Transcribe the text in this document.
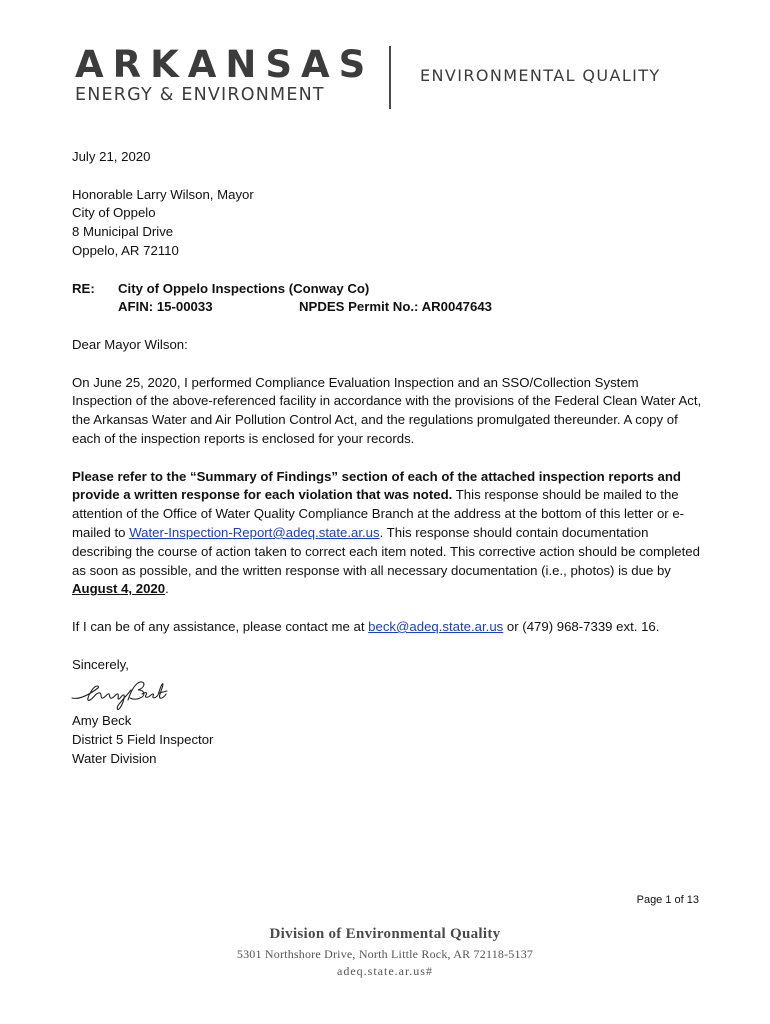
ARKANSAS
ENERGY & ENVIRONMENT
ENVIRONMENTAL QUALITY

July 21, 2020

Honorable Larry Wilson, Mayor

City of Oppelo

8 Municipal Drive

Oppelo, AR 72110

RE:	City of Oppelo Inspections (Conway Co)

AFIN: 15-00033	NPDES Permit No.: AR0047643

Dear Mayor Wilson:

On June 25, 2020, I performed Compliance Evaluation Inspection and an SSO/Collection System Inspection of the above-referenced facility in accordance with the provisions of the Federal Clean Water Act, the Arkansas Water and Air Pollution Control Act, and the regulations promulgated thereunder. A copy of each of the inspection reports is enclosed for your records.

Please refer to the “Summary of Findings” section of each of the attached inspection reports and provide a written response for each violation that was noted. This response should be mailed to the attention of the Office of Water Quality Compliance Branch at the address at the bottom of this letter or e-mailed to Water-Inspection-Report@adeq.state.ar.us. This response should contain documentation describing the course of action taken to correct each item noted. This corrective action should be completed as soon as possible, and the written response with all necessary documentation (i.e., photos) is due by August 4, 2020.

If I can be of any assistance, please contact me at beck@adeq.state.ar.us or (479) 968-7339 ext. 16.

Sincerely,

Amy Beck

District 5 Field Inspector

Water Division

Page 1 of 13
Division of Environmental Quality
5301 Northshore Drive, North Little Rock, AR 72118-5137
adeq.state.ar.us#
